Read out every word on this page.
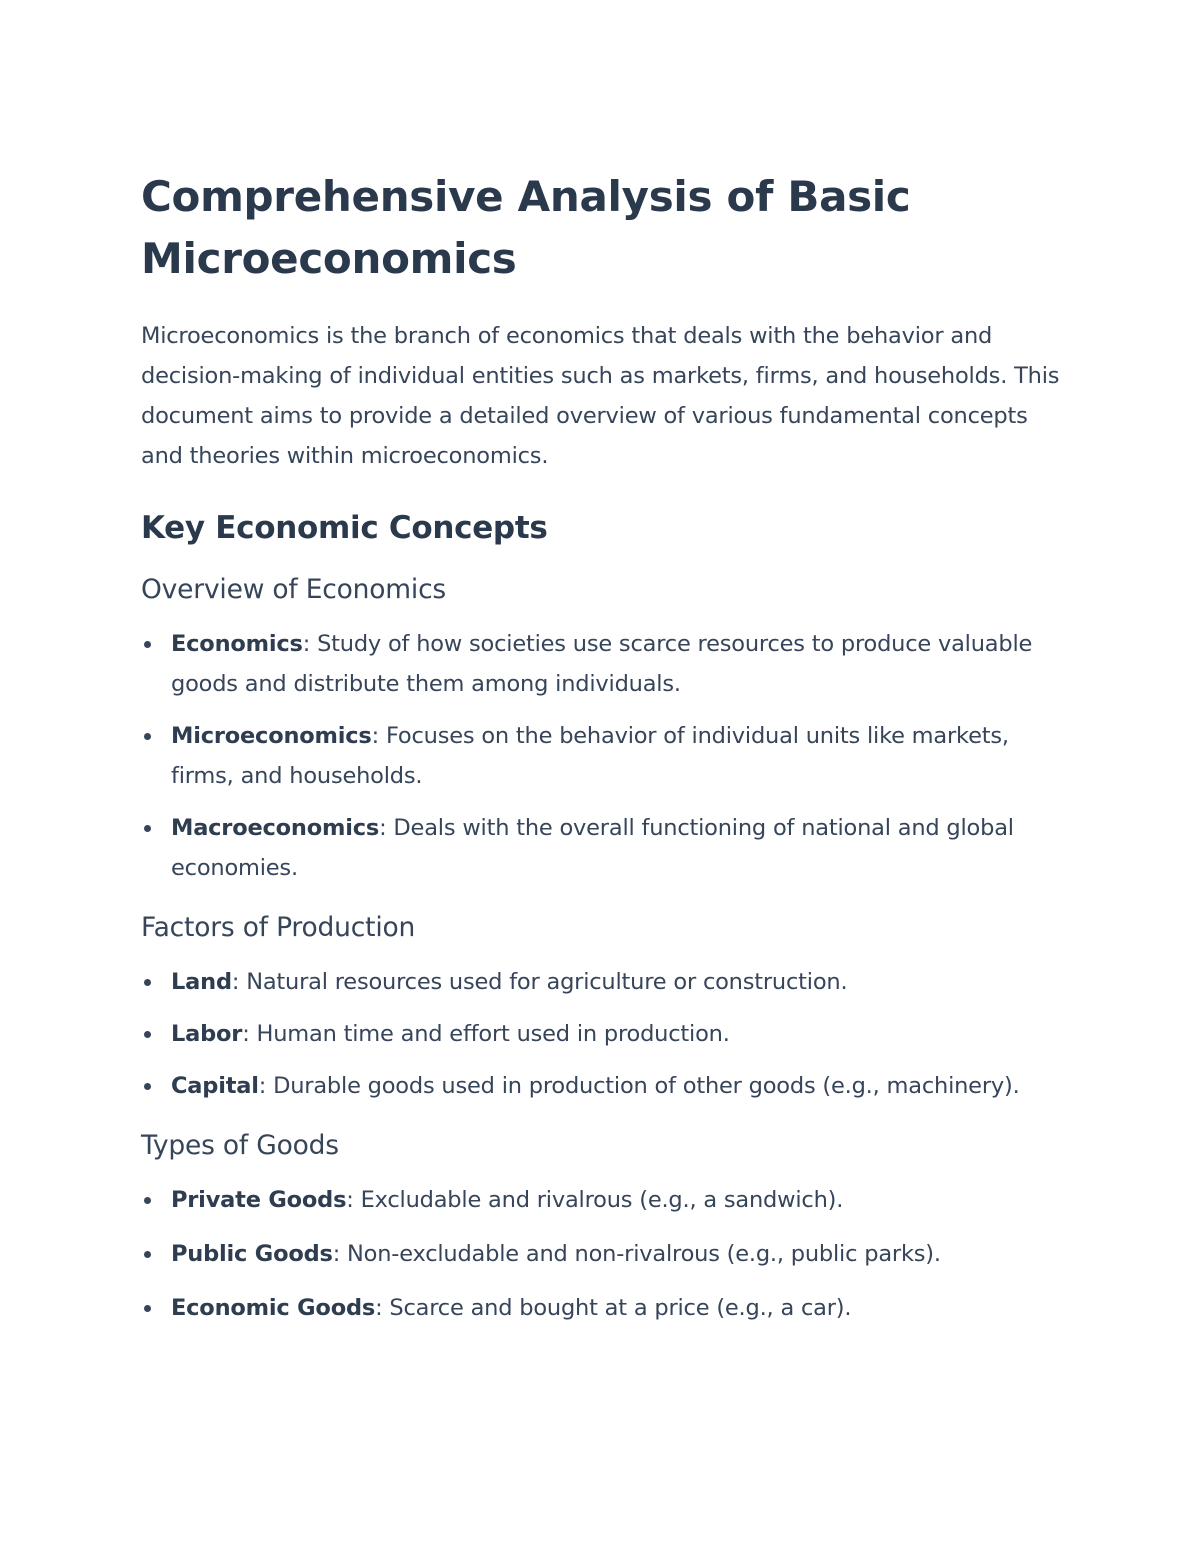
Comprehensive Analysis of Basic Microeconomics

Microeconomics is the branch of economics that deals with the behavior and decision-making of individual entities such as markets, firms, and households. This document aims to provide a detailed overview of various fundamental concepts and theories within microeconomics.

Key Economic Concepts
Overview of Economics
Economics: Study of how societies use scarce resources to produce valuable goods and distribute them among individuals.
Microeconomics: Focuses on the behavior of individual units like markets, firms, and households.
Macroeconomics: Deals with the overall functioning of national and global economies.
Factors of Production
Land: Natural resources used for agriculture or construction.
Labor: Human time and effort used in production.
Capital: Durable goods used in production of other goods (e.g., machinery).
Types of Goods
Private Goods: Excludable and rivalrous (e.g., a sandwich).
Public Goods: Non-excludable and non-rivalrous (e.g., public parks).
Economic Goods: Scarce and bought at a price (e.g., a car).
